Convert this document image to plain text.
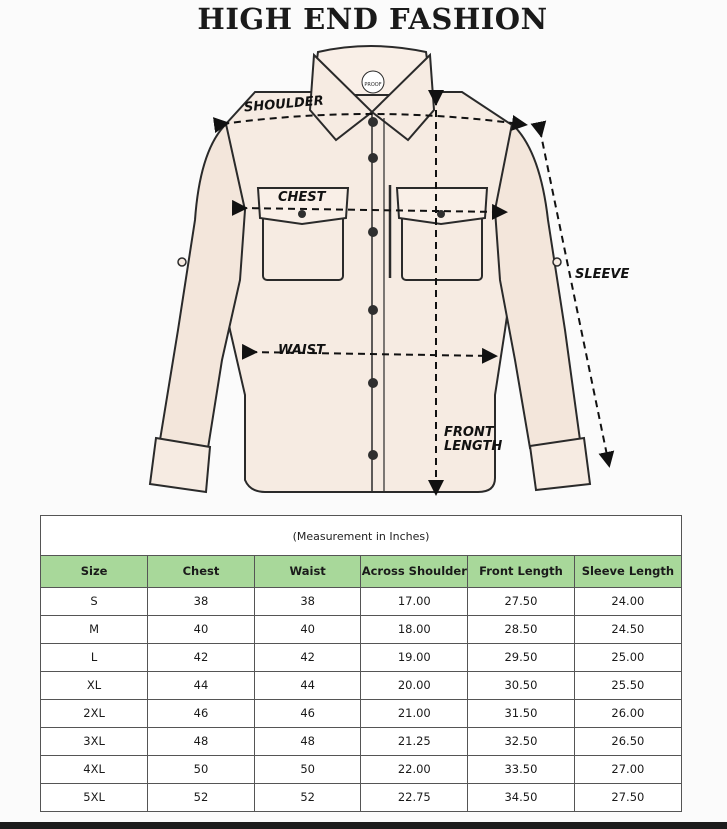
HIGH END FASHION
PROOF
SHOULDER
CHEST
SLEEVE
WAIST
FRONT
LENGTH
(Measurement in Inches)
Size	Chest	Waist	Across Shoulder	Front Length	Sleeve Length
S	38	38	17.00	27.50	24.00
M	40	40	18.00	28.50	24.50
L	42	42	19.00	29.50	25.00
XL	44	44	20.00	30.50	25.50
2XL	46	46	21.00	31.50	26.00
3XL	48	48	21.25	32.50	26.50
4XL	50	50	22.00	33.50	27.00
5XL	52	52	22.75	34.50	27.50
